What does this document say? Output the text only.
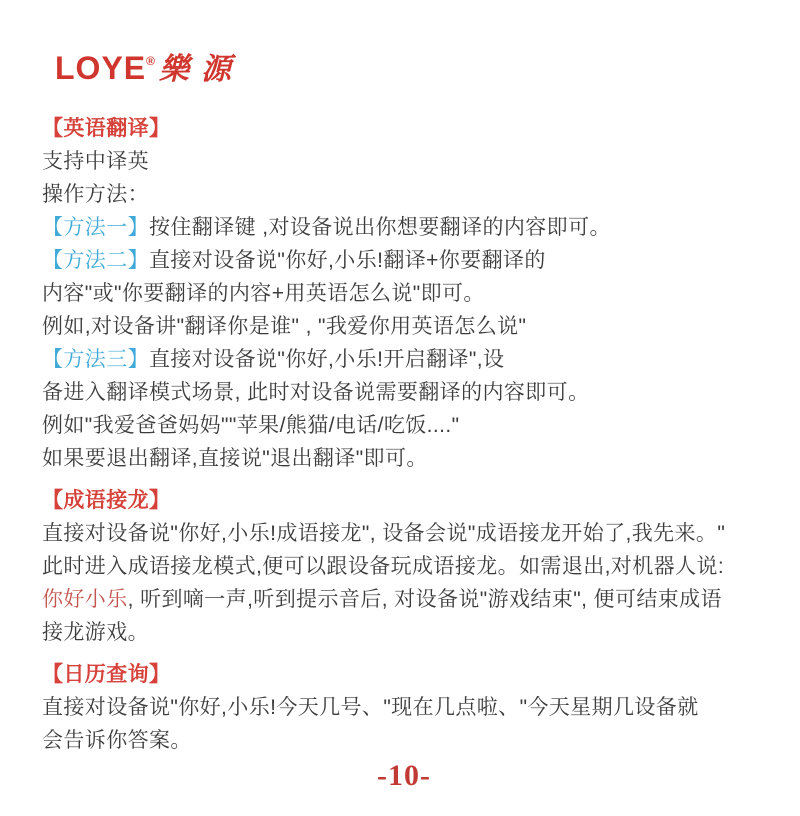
LOYE® 樂源
【英语翻译】
支持中译英
操作方法：
【方法一】按住翻译键 ,对设备说出你想要翻译的内容即可。
【方法二】直接对设备说"你好,小乐!翻译+你要翻译的
内容"或"你要翻译的内容+用英语怎么说"即可。
例如,对设备讲"翻译你是谁" , "我爱你用英语怎么说"
【方法三】直接对设备说"你好,小乐!开启翻译",设
备进入翻译模式场景, 此时对设备说需要翻译的内容即可。
例如"我爱爸爸妈妈""苹果/熊猫/电话/吃饭...."
如果要退出翻译,直接说"退出翻译"即可。
【成语接龙】
直接对设备说"你好,小乐!成语接龙", 设备会说"成语接龙开始了,我先来。"
此时进入成语接龙模式,便可以跟设备玩成语接龙。如需退出,对机器人说:
你好小乐, 听到嘀一声,听到提示音后, 对设备说"游戏结束", 便可结束成语
接龙游戏。
【日历查询】
直接对设备说"你好,小乐!今天几号、"现在几点啦、"今天星期几设备就
会告诉你答案。
-10-
